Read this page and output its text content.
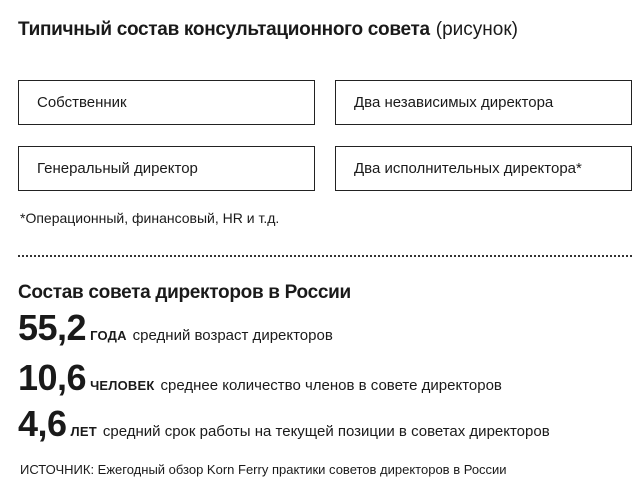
Типичный состав консультационного совета (рисунок)
Собственник	Два независимых директора
Генеральный директор	Два исполнительных директора*
*Операционный, финансовый, HR и т.д.
Состав совета директоров в России
55,2 ГОДА средний возраст директоров
10,6 ЧЕЛОВЕК среднее количество членов в совете директоров
4,6 ЛЕТ средний срок работы на текущей позиции в советах директоров
ИСТОЧНИК: Ежегодный обзор Korn Ferry практики советов директоров в России
